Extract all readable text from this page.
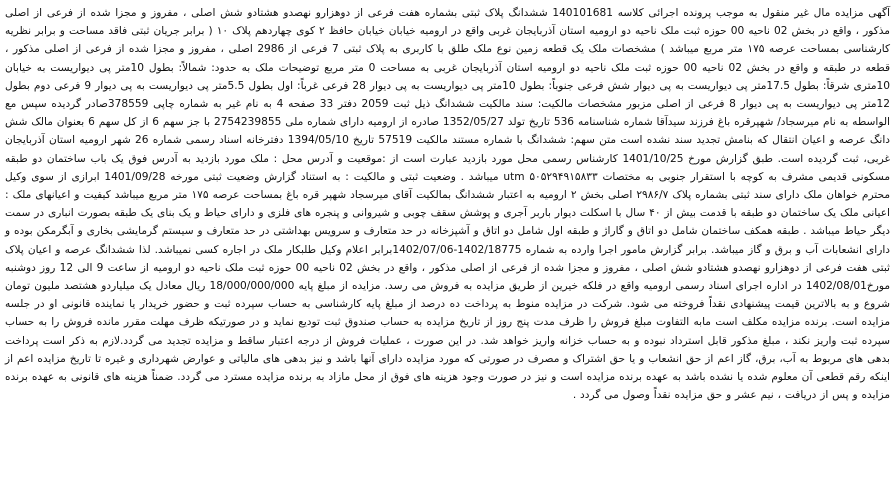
آگهی مزایده مال غیر منقول به موجب پرونده اجرائی کلاسه 140101681 ششدانگ پلاک ثبتی بشماره هفت فرعی از دوهزارو نهصدو هشتادو شش اصلی ، مفروز و مجزا شده از فرعی از اصلی مذکور ، واقع در بخش 02 ناحیه 00 حوزه ثبت ملک ناحیه دو ارومیه استان آذربایجان غربی واقع در ارومیه خیابان خیابان حافظ ۲ کوی چهاردهم پلاک ۱۰ ( برابر جریان ثبتی فاقد مساحت و برابر نظریه کارشناسی بمساحت عرصه ۱۷۵ متر مربع میباشد ) مشخصات ملک یک قطعه زمین نوع ملک طلق با کاربری به پلاک ثبتی 7 فرعی از 2986 اصلی ، مفروز و مجزا شده از فرعی از اصلی مذکور ، قطعه در طبقه و واقع در بخش 02 ناحیه 00 حوزه ثبت ملک ناحیه دو ارومیه استان آذربایجان غربی به مساحت 0 متر مربع توضیحات ملک به حدود: شمالاً: بطول 10متر پی دیواریست به خیابان 10متری شرقاً: بطول 17.5متر پی دیواریست به پی دیوار شش فرعی جنوباً: بطول 10متر پی دیواریست به پی دیوار 28 فرعی غرباً: اول بطول 5.5متر پی دیواریست به پی دیوار 9 فرعی دوم بطول 12متر پی دیواریست به پی دیوار 8 فرعی از اصلی مزبور مشخصات مالکیت: سند مالکیت ششدانگ ذیل ثبت 2059 دفتر 33 صفحه 4 به نام غیر به شماره چاپی 378559صادر گردیده سپس مع الواسطه به نام میرسجاد/ شهپرقره باغ فرزند سیدآقا شماره شناسنامه 536 تاریخ تولد 1352/05/27 صادره از ارومیه دارای شماره ملی 2754239855 با جز سهم 6 از کل سهم 6 بعنوان مالک شش دانگ عرصه و اعیان انتقال که بنامش تجدید سند نشده است متن سهم: ششدانگ با شماره مستند مالکیت 57519 تاریخ 1394/05/10 دفترخانه اسناد رسمی شماره 26 شهر ارومیه استان آذربایجان غربی، ثبت گردیده است. طبق گزارش مورخ 1401/10/25 کارشناس رسمی محل مورد بازدید عبارت است از :موقعیت و آدرس محل : ملک مورد بازدید به آدرس فوق یک باب ساختمان دو طبقه مسکونی قدیمی مشرف به کوچه با استقرار جنوبی به مختصات utm ۵۰۵۲۹۴۹۱۵۸۳۳ میباشد . وضعیت ثبتی و مالکیت : به استناد گزارش وضعیت ثبتی مورخه 1401/09/28 ابرازی از سوی وکیل محترم خواهان ملک دارای سند ثبتی بشماره پلاک ۲۹۸۶/۷ اصلی بخش ۲ ارومیه به اعتبار ششدانگ بمالکیت آقای میرسجاد شهپر قره باغ بمساحت عرصه ۱۷۵ متر مربع میباشد کیفیت و اعیانهای ملک : اعیانی ملک یک ساختمان دو طبقه با قدمت بیش از ۴۰ سال با اسکلت دیوار باربر آجری و پوشش سقف چوبی و شیروانی و پنجره های فلزی و دارای حیاط و یک بنای یک طبقه بصورت انباری در سمت دیگر حیاط میباشد . طبقه همکف ساختمان شامل دو اتاق و گاراژ و طبقه اول شامل دو اتاق و آشپزخانه در حد متعارف و سرویس بهداشتی در حد متعارف و سیستم گرمایشی بخاری و آبگرمکن بوده و دارای انشعابات آب و برق و گاز میباشد. برابر گزارش مامور اجرا وارده به شماره 1402/18775-1402/07/06برابر اعلام وکیل طلبکار ملک در اجاره کسی نمیباشد. لذا ششدانگ عرصه و اعیان پلاک ثبتی هفت فرعی از دوهزارو نهصدو هشتادو شش اصلی ، مفروز و مجزا شده از فرعی از اصلی مذکور ، واقع در بخش 02 ناحیه 00 حوزه ثبت ملک ناحیه دو ارومیه از ساعت 9 الی 12 روز دوشنبه مورخ1402/08/01 در اداره اجرای اسناد رسمی ارومیه واقع در فلکه خیرین از طریق مزایده به فروش می رسد. مزایده از مبلغ پایه 18/000/000/000 ریال معادل یک میلیاردو هشتصد ملیون تومان شروع و به بالاترین قیمت پیشنهادی نقداً فروخته می شود. شرکت در مزایده منوط به پرداخت ده درصد از مبلغ پایه کارشناسی به حساب سپرده ثبت و حضور خریدار یا نماینده قانونی او در جلسه مزایده است. برنده مزایده مکلف است مابه التفاوت مبلغ فروش را ظرف مدت پنج روز از تاریخ مزایده به حساب صندوق ثبت تودیع نماید و در صورتیکه ظرف مهلت مقرر مانده فروش را به حساب سپرده ثبت واریز نکند ، مبلغ مذکور قابل استرداد نبوده و به حساب خزانه واریز خواهد شد. در این صورت ، عملیات فروش از درجه اعتبار ساقط و مزایده تجدید می گردد.لازم به ذکر است پرداخت بدهی های مربوط به آب، برق، گاز اعم از حق انشعاب و یا حق اشتراک و مصرف در صورتی که مورد مزایده دارای آنها باشد و نیز بدهی های مالیاتی و عوارض شهرداری و غیره تا تاریخ مزایده اعم از اینکه رقم قطعی آن معلوم شده یا نشده باشد به عهده برنده مزایده است و نیز در صورت وجود هزینه های فوق از محل مازاد به برنده مزایده مسترد می گردد. ضمناً هزینه های قانونی به عهده برنده مزایده و پس از دریافت ، نیم عشر و حق مزایده نقداً وصول می گردد .
